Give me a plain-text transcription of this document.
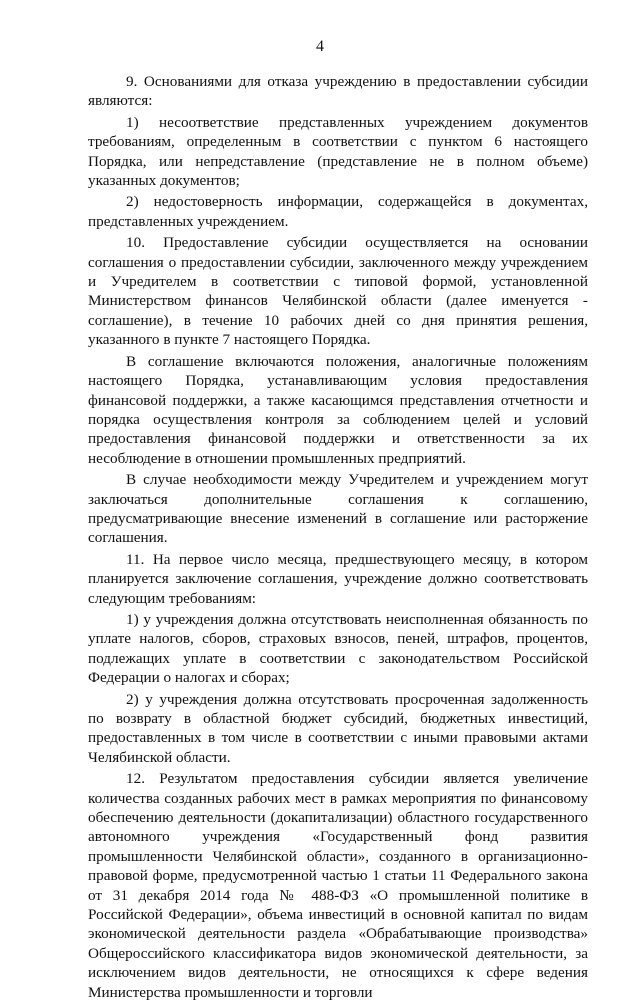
4

9. Основаниями для отказа учреждению в предоставлении субсидии являются:

1) несоответствие представленных учреждением документов требованиям, определенным в соответствии с пунктом 6 настоящего Порядка, или непредставление (представление не в полном объеме) указанных документов;

2) недостоверность информации, содержащейся в документах, представленных учреждением.

10. Предоставление субсидии осуществляется на основании соглашения о предоставлении субсидии, заключенного между учреждением и Учредителем в соответствии с типовой формой, установленной Министерством финансов Челябинской области (далее именуется - соглашение), в течение 10 рабочих дней со дня принятия решения, указанного в пункте 7 настоящего Порядка.

В соглашение включаются положения, аналогичные положениям настоящего Порядка, устанавливающим условия предоставления финансовой поддержки, а также касающимся представления отчетности и порядка осуществления контроля за соблюдением целей и условий предоставления финансовой поддержки и ответственности за их несоблюдение в отношении промышленных предприятий.

В случае необходимости между Учредителем и учреждением могут заключаться дополнительные соглашения к соглашению, предусматривающие внесение изменений в соглашение или расторжение соглашения.

11. На первое число месяца, предшествующего месяцу, в котором планируется заключение соглашения, учреждение должно соответствовать следующим требованиям:

1) у учреждения должна отсутствовать неисполненная обязанность по уплате налогов, сборов, страховых взносов, пеней, штрафов, процентов, подлежащих уплате в соответствии с законодательством Российской Федерации о налогах и сборах;

2) у учреждения должна отсутствовать просроченная задолженность по возврату в областной бюджет субсидий, бюджетных инвестиций, предоставленных в том числе в соответствии с иными правовыми актами Челябинской области.

12. Результатом предоставления субсидии является увеличение количества созданных рабочих мест в рамках мероприятия по финансовому обеспечению деятельности (докапитализации) областного государственного автономного учреждения «Государственный фонд развития промышленности Челябинской области», созданного в организационно-правовой форме, предусмотренной частью 1 статьи 11 Федерального закона от 31 декабря 2014 года № 488-ФЗ «О промышленной политике в Российской Федерации», объема инвестиций в основной капитал по видам экономической деятельности раздела «Обрабатывающие производства» Общероссийского классификатора видов экономической деятельности, за исключением видов деятельности, не относящихся к сфере ведения Министерства промышленности и торговли
